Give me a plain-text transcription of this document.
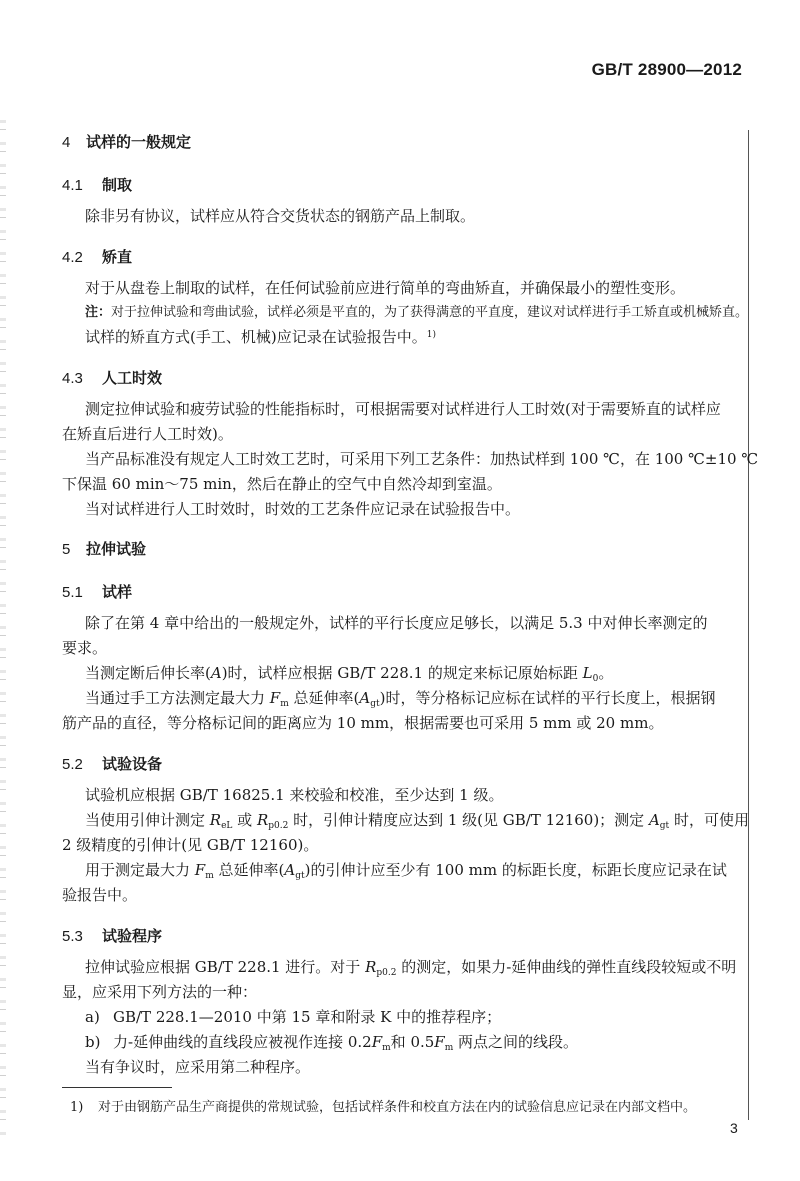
GB/T 28900—2012
4 试样的一般规定
4.1 制取
除非另有协议，试样应从符合交货状态的钢筋产品上制取。
4.2 矫直
对于从盘卷上制取的试样，在任何试验前应进行简单的弯曲矫直，并确保最小的塑性变形。
注：对于拉伸试验和弯曲试验，试样必须是平直的，为了获得满意的平直度，建议对试样进行手工矫直或机械矫直。
试样的矫直方式(手工、机械)应记录在试验报告中。$^{1)}$
4.3 人工时效
测定拉伸试验和疲劳试验的性能指标时，可根据需要对试样进行人工时效(对于需要矫直的试样应
在矫直后进行人工时效)。
当产品标准没有规定人工时效工艺时，可采用下列工艺条件：加热试样到 100 ℃，在 100 ℃±10 ℃
下保温 60 min～75 min，然后在静止的空气中自然冷却到室温。
当对试样进行人工时效时，时效的工艺条件应记录在试验报告中。
5 拉伸试验
5.1 试样
除了在第 4 章中给出的一般规定外，试样的平行长度应足够长，以满足 5.3 中对伸长率测定的
要求。
当测定断后伸长率(A)时，试样应根据 GB/T 228.1 的规定来标记原始标距 $L_0$。
当通过手工方法测定最大力 $F_m$ 总延伸率$(A_{gt})$时，等分格标记应标在试样的平行长度上，根据钢
筋产品的直径，等分格标记间的距离应为 10 mm，根据需要也可采用 5 mm 或 20 mm。
5.2 试验设备
试验机应根据 GB/T 16825.1 来校验和校准，至少达到 1 级。
当使用引伸计测定 $R_{eL}$ 或 $R_{p0.2}$ 时，引伸计精度应达到 1 级(见 GB/T 12160)；测定 $A_{gt}$ 时，可使用
2 级精度的引伸计(见 GB/T 12160)。
用于测定最大力 $F_m$ 总延伸率$(A_{gt})$的引伸计应至少有 100 mm 的标距长度，标距长度应记录在试
验报告中。
5.3 试验程序
拉伸试验应根据 GB/T 228.1 进行。对于 $R_{p0.2}$ 的测定，如果力-延伸曲线的弹性直线段较短或不明
显，应采用下列方法的一种：
a) GB/T 228.1—2010 中第 15 章和附录 K 中的推荐程序；
b) 力-延伸曲线的直线段应被视作连接 $0.2F_m$和 $0.5F_m$ 两点之间的线段。
当有争议时，应采用第二种程序。
1) 对于由钢筋产品生产商提供的常规试验，包括试样条件和校直方法在内的试验信息应记录在内部文档中。
3
